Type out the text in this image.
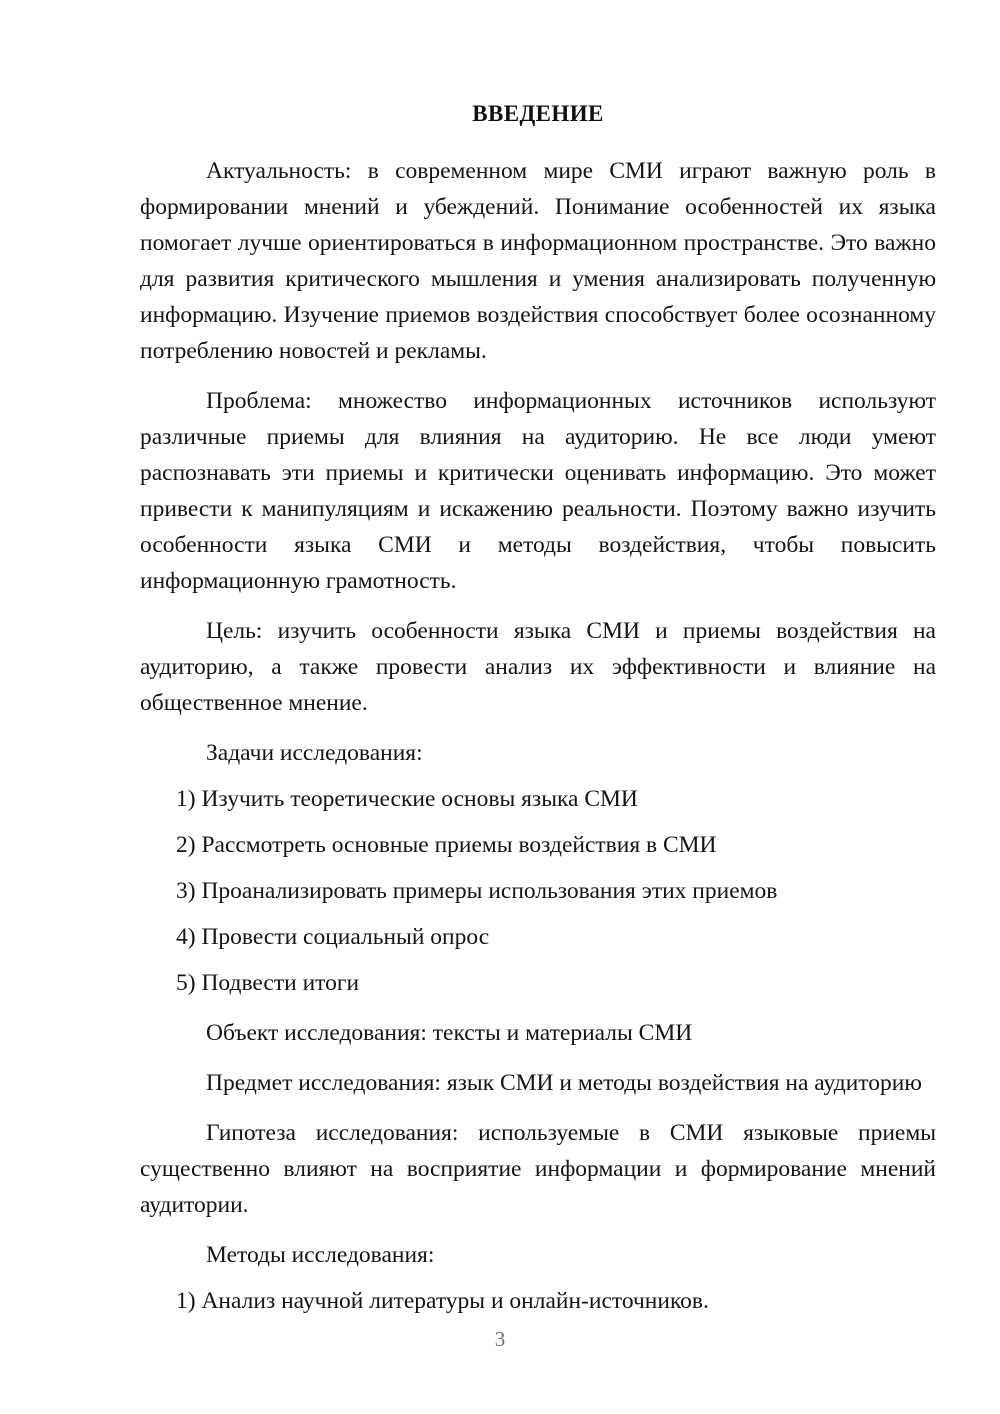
ВВЕДЕНИЕ

Актуальность: в современном мире СМИ играют важную роль в формировании мнений и убеждений. Понимание особенностей их языка помогает лучше ориентироваться в информационном пространстве. Это важно для развития критического мышления и умения анализировать полученную информацию. Изучение приемов воздействия способствует более осознанному потреблению новостей и рекламы.

Проблема: множество информационных источников используют различные приемы для влияния на аудиторию. Не все люди умеют распознавать эти приемы и критически оценивать информацию. Это может привести к манипуляциям и искажению реальности. Поэтому важно изучить особенности языка СМИ и методы воздействия, чтобы повысить информационную грамотность.

Цель: изучить особенности языка СМИ и приемы воздействия на аудиторию, а также провести анализ их эффективности и влияние на общественное мнение.

Задачи исследования:

1) Изучить теоретические основы языка СМИ
2) Рассмотреть основные приемы воздействия в СМИ
3) Проанализировать примеры использования этих приемов
4) Провести социальный опрос
5) Подвести итоги

Объект исследования: тексты и материалы СМИ

Предмет исследования: язык СМИ и методы воздействия на аудиторию

Гипотеза исследования: используемые в СМИ языковые приемы существенно влияют на восприятие информации и формирование мнений аудитории.

Методы исследования:

1) Анализ научной литературы и онлайн-источников.
3
